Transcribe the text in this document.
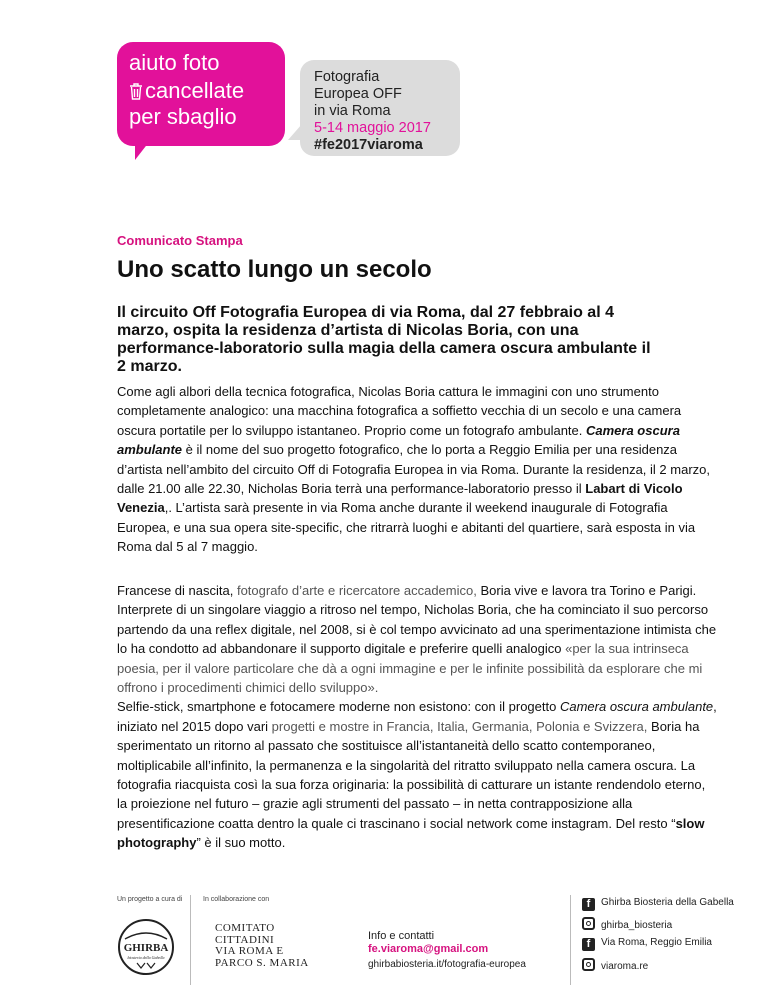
aiuto foto
cancellate
per sbaglio
Fotografia
Europea OFF
in via Roma
5-14 maggio 2017
#fe2017viaroma
Comunicato Stampa
Uno scatto lungo un secolo
Il circuito Off Fotografia Europea di via Roma, dal 27 febbraio al 4 marzo, ospita la residenza d’artista di Nicolas Boria, con una performance-laboratorio sulla magia della camera oscura ambulante il 2 marzo.
Come agli albori della tecnica fotografica, Nicolas Boria cattura le immagini con uno strumento completamente analogico: una macchina fotografica a soffietto vecchia di un secolo e una camera oscura portatile per lo sviluppo istantaneo. Proprio come un fotografo ambulante. Camera oscura ambulante è il nome del suo progetto fotografico, che lo porta a Reggio Emilia per una residenza d’artista nell’ambito del circuito Off di Fotografia Europea in via Roma. Durante la residenza, il 2 marzo, dalle 21.00 alle 22.30, Nicholas Boria terrà una performance-laboratorio presso il Labart di Vicolo Venezia,. L’artista sarà presente in via Roma anche durante il weekend inaugurale di Fotografia Europea, e una sua opera site-specific, che ritrarrà luoghi e abitanti del quartiere, sarà esposta in via Roma dal 5 al 7 maggio.
Francese di nascita, fotografo d’arte e ricercatore accademico, Boria vive e lavora tra Torino e Parigi. Interprete di un singolare viaggio a ritroso nel tempo, Nicholas Boria, che ha cominciato il suo percorso partendo da una reflex digitale, nel 2008, si è col tempo avvicinato ad una sperimentazione intimista che lo ha condotto ad abbandonare il supporto digitale e preferire quelli analogico «per la sua intrinseca poesia, per il valore particolare che dà a ogni immagine e per le infinite possibilità da esplorare che mi offrono i procedimenti chimici dello sviluppo».
Selfie-stick, smartphone e fotocamere moderne non esistono: con il progetto Camera oscura ambulante, iniziato nel 2015 dopo vari progetti e mostre in Francia, Italia, Germania, Polonia e Svizzera, Boria ha sperimentato un ritorno al passato che sostituisce all’istantaneità dello scatto contemporaneo, moltiplicabile all’infinito, la permanenza e la singolarità del ritratto sviluppato nella camera oscura. La fotografia riacquista così la sua forza originaria: la possibilità di catturare un istante rendendolo eterno, la proiezione nel futuro – grazie agli strumenti del passato – in netta contrapposizione alla presentificazione coatta dentro la quale ci trascinano i social network come instagram. Del resto “slow photography” è il suo motto.
Un progetto a cura di	In collaborazione con
GHIRBA
biosteria della Gabella
COMITATO
CITTADINI
VIA ROMA E
PARCO S. MARIA
Info e contatti
fe.viaroma@gmail.com
ghirbabiosteria.it/fotografia-europea
f Ghirba Biosteria della Gabella
ghirba_biosteria
f Via Roma, Reggio Emilia
viaroma.re
